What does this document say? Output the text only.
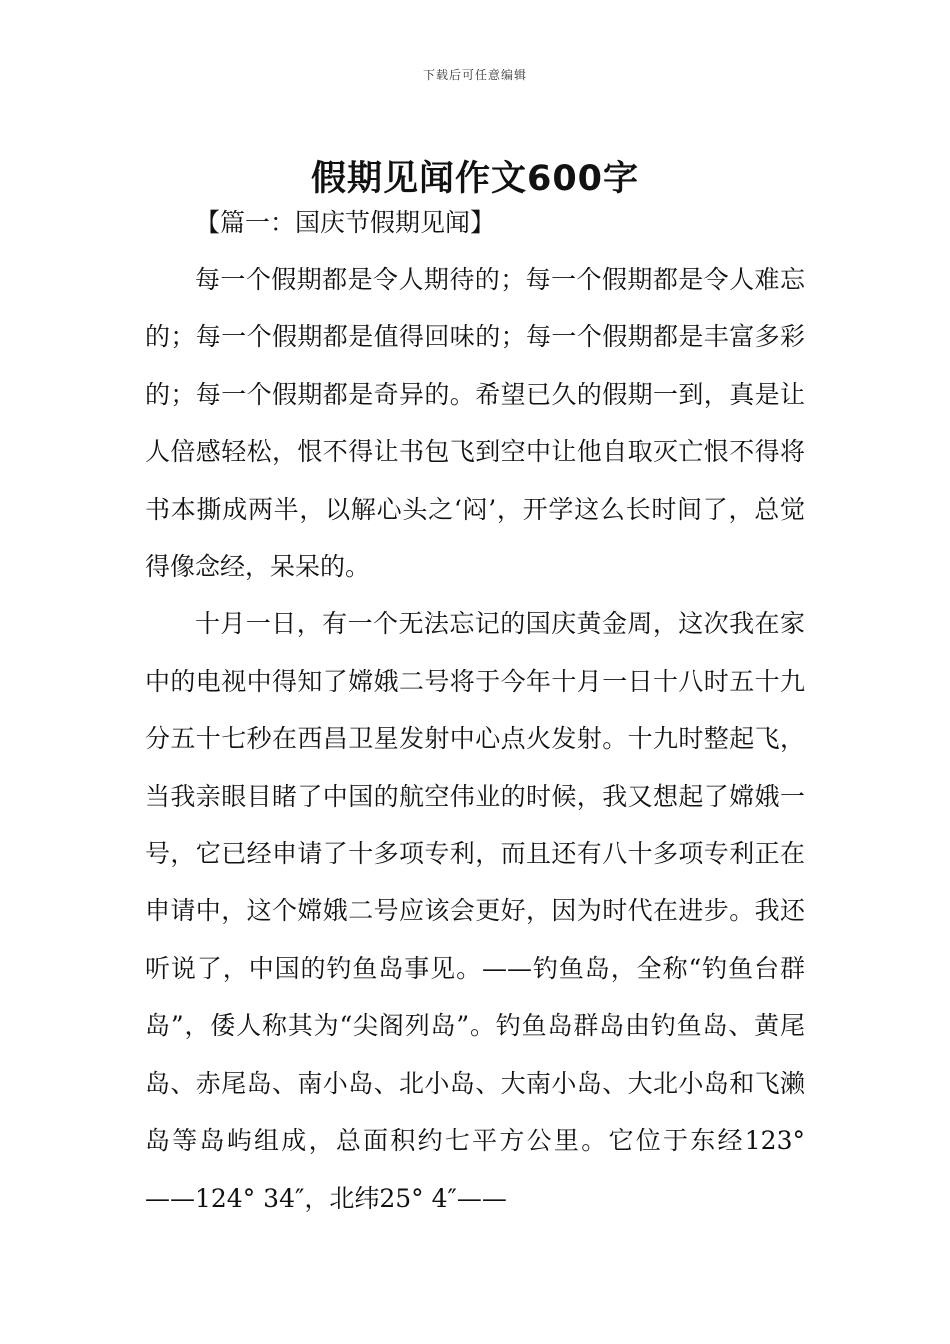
下载后可任意编辑
假期见闻作文600字

【篇一：国庆节假期见闻】

每一个假期都是令人期待的；每一个假期都是令人难忘的；每一个假期都是值得回味的；每一个假期都是丰富多彩的；每一个假期都是奇异的。希望已久的假期一到，真是让人倍感轻松，恨不得让书包飞到空中让他自取灭亡恨不得将书本撕成两半，以解心头之‘闷’，开学这么长时间了，总觉得像念经，呆呆的。

十月一日，有一个无法忘记的国庆黄金周，这次我在家中的电视中得知了嫦娥二号将于今年十月一日十八时五十九分五十七秒在西昌卫星发射中心点火发射。十九时整起飞，当我亲眼目睹了中国的航空伟业的时候，我又想起了嫦娥一号，它已经申请了十多项专利，而且还有八十多项专利正在申请中，这个嫦娥二号应该会更好，因为时代在进步。我还听说了，中国的钓鱼岛事见。——钓鱼岛，全称“钓鱼台群岛”，倭人称其为“尖阁列岛”。钓鱼岛群岛由钓鱼岛、黄尾岛、赤尾岛、南小岛、北小岛、大南小岛、大北小岛和飞濑岛等岛屿组成，总面积约七平方公里。它位于东经123° ——124° 34″，北纬25° 4″——
